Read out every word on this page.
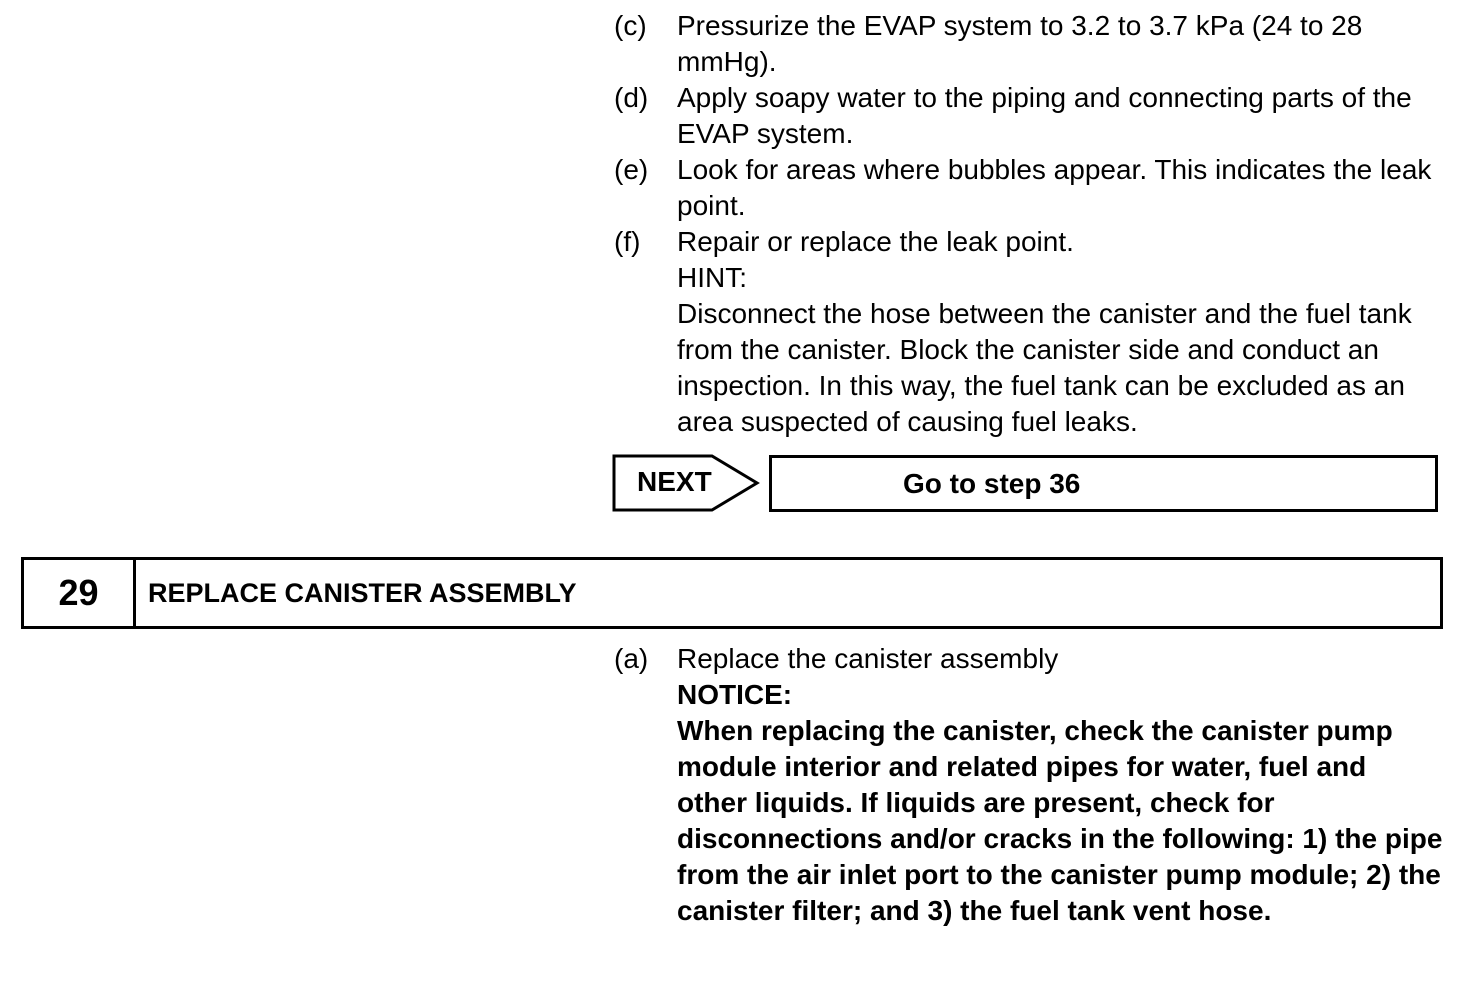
(c) Pressurize the EVAP system to 3.2 to 3.7 kPa (24 to 28 mmHg).
(d) Apply soapy water to the piping and connecting parts of the EVAP system.
(e) Look for areas where bubbles appear. This indicates the leak point.
(f) Repair or replace the leak point.
HINT:
Disconnect the hose between the canister and the fuel tank from the canister. Block the canister side and conduct an inspection. In this way, the fuel tank can be excluded as an area suspected of causing fuel leaks.
NEXT	Go to step 36
29	REPLACE CANISTER ASSEMBLY
(a) Replace the canister assembly
NOTICE:
When replacing the canister, check the canister pump module interior and related pipes for water, fuel and other liquids. If liquids are present, check for disconnections and/or cracks in the following: 1) the pipe from the air inlet port to the canister pump module; 2) the canister filter; and 3) the fuel tank vent hose.
